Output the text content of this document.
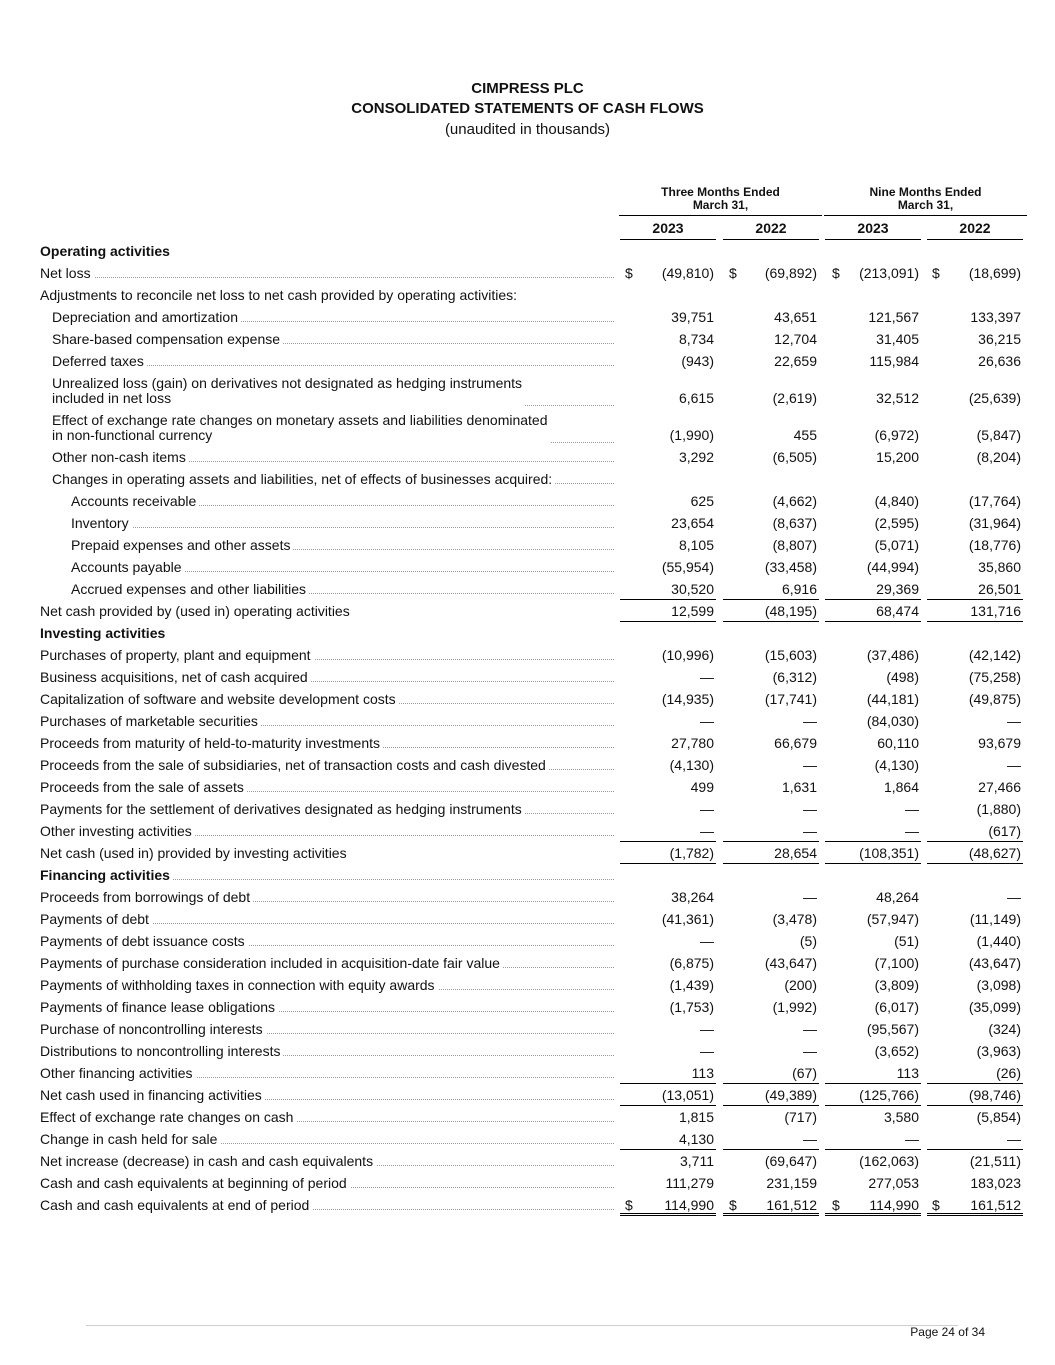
CIMPRESS PLC
CONSOLIDATED STATEMENTS OF CASH FLOWS
(unaudited in thousands)
Three Months Ended
March 31,
Nine Months Ended
March 31,
2023	2022	2023	2022
Operating activities
Net loss	$	(49,810) $	(69,892) $	(213,091) $	(18,699)
Adjustments to reconcile net loss to net cash provided by operating activities:
Depreciation and amortization	39,751	43,651	121,567	133,397
Share-based compensation expense	8,734	12,704	31,405	36,215
Deferred taxes	(943)	22,659	115,984	26,636
Unrealized loss (gain) on derivatives not designated as hedging instruments
included in net loss	6,615	(2,619)	32,512	(25,639)
Effect of exchange rate changes on monetary assets and liabilities denominated
in non-functional currency	(1,990)	455	(6,972)	(5,847)
Other non-cash items	3,292	(6,505)	15,200	(8,204)
Changes in operating assets and liabilities, net of effects of businesses acquired:
Accounts receivable	625	(4,662)	(4,840)	(17,764)
Inventory	23,654	(8,637)	(2,595)	(31,964)
Prepaid expenses and other assets	8,105	(8,807)	(5,071)	(18,776)
Accounts payable	(55,954)	(33,458)	(44,994)	35,860
Accrued expenses and other liabilities	30,520	6,916	29,369	26,501
Net cash provided by (used in) operating activities	12,599	(48,195)	68,474	131,716
Investing activities
Purchases of property, plant and equipment	(10,996)	(15,603)	(37,486)	(42,142)
Business acquisitions, net of cash acquired	—	(6,312)	(498)	(75,258)
Capitalization of software and website development costs	(14,935)	(17,741)	(44,181)	(49,875)
Purchases of marketable securities	—	—	(84,030)	—
Proceeds from maturity of held-to-maturity investments	27,780	66,679	60,110	93,679
Proceeds from the sale of subsidiaries, net of transaction costs and cash divested	(4,130)	—	(4,130)	—
Proceeds from the sale of assets	499	1,631	1,864	27,466
Payments for the settlement of derivatives designated as hedging instruments	—	—	—	(1,880)
Other investing activities	—	—	—	(617)
Net cash (used in) provided by investing activities	(1,782)	28,654	(108,351)	(48,627)
Financing activities
Proceeds from borrowings of debt	38,264	—	48,264	—
Payments of debt	(41,361)	(3,478)	(57,947)	(11,149)
Payments of debt issuance costs	—	(5)	(51)	(1,440)
Payments of purchase consideration included in acquisition-date fair value	(6,875)	(43,647)	(7,100)	(43,647)
Payments of withholding taxes in connection with equity awards	(1,439)	(200)	(3,809)	(3,098)
Payments of finance lease obligations	(1,753)	(1,992)	(6,017)	(35,099)
Purchase of noncontrolling interests	—	—	(95,567)	(324)
Distributions to noncontrolling interests	—	—	(3,652)	(3,963)
Other financing activities	113	(67)	113	(26)
Net cash used in financing activities	(13,051)	(49,389)	(125,766)	(98,746)
Effect of exchange rate changes on cash	1,815	(717)	3,580	(5,854)
Change in cash held for sale	4,130	—	—	—
Net increase (decrease) in cash and cash equivalents	3,711	(69,647)	(162,063)	(21,511)
Cash and cash equivalents at beginning of period	111,279	231,159	277,053	183,023
Cash and cash equivalents at end of period	$	114,990 $	161,512 $	114,990 $	161,512
Page 24 of 34
